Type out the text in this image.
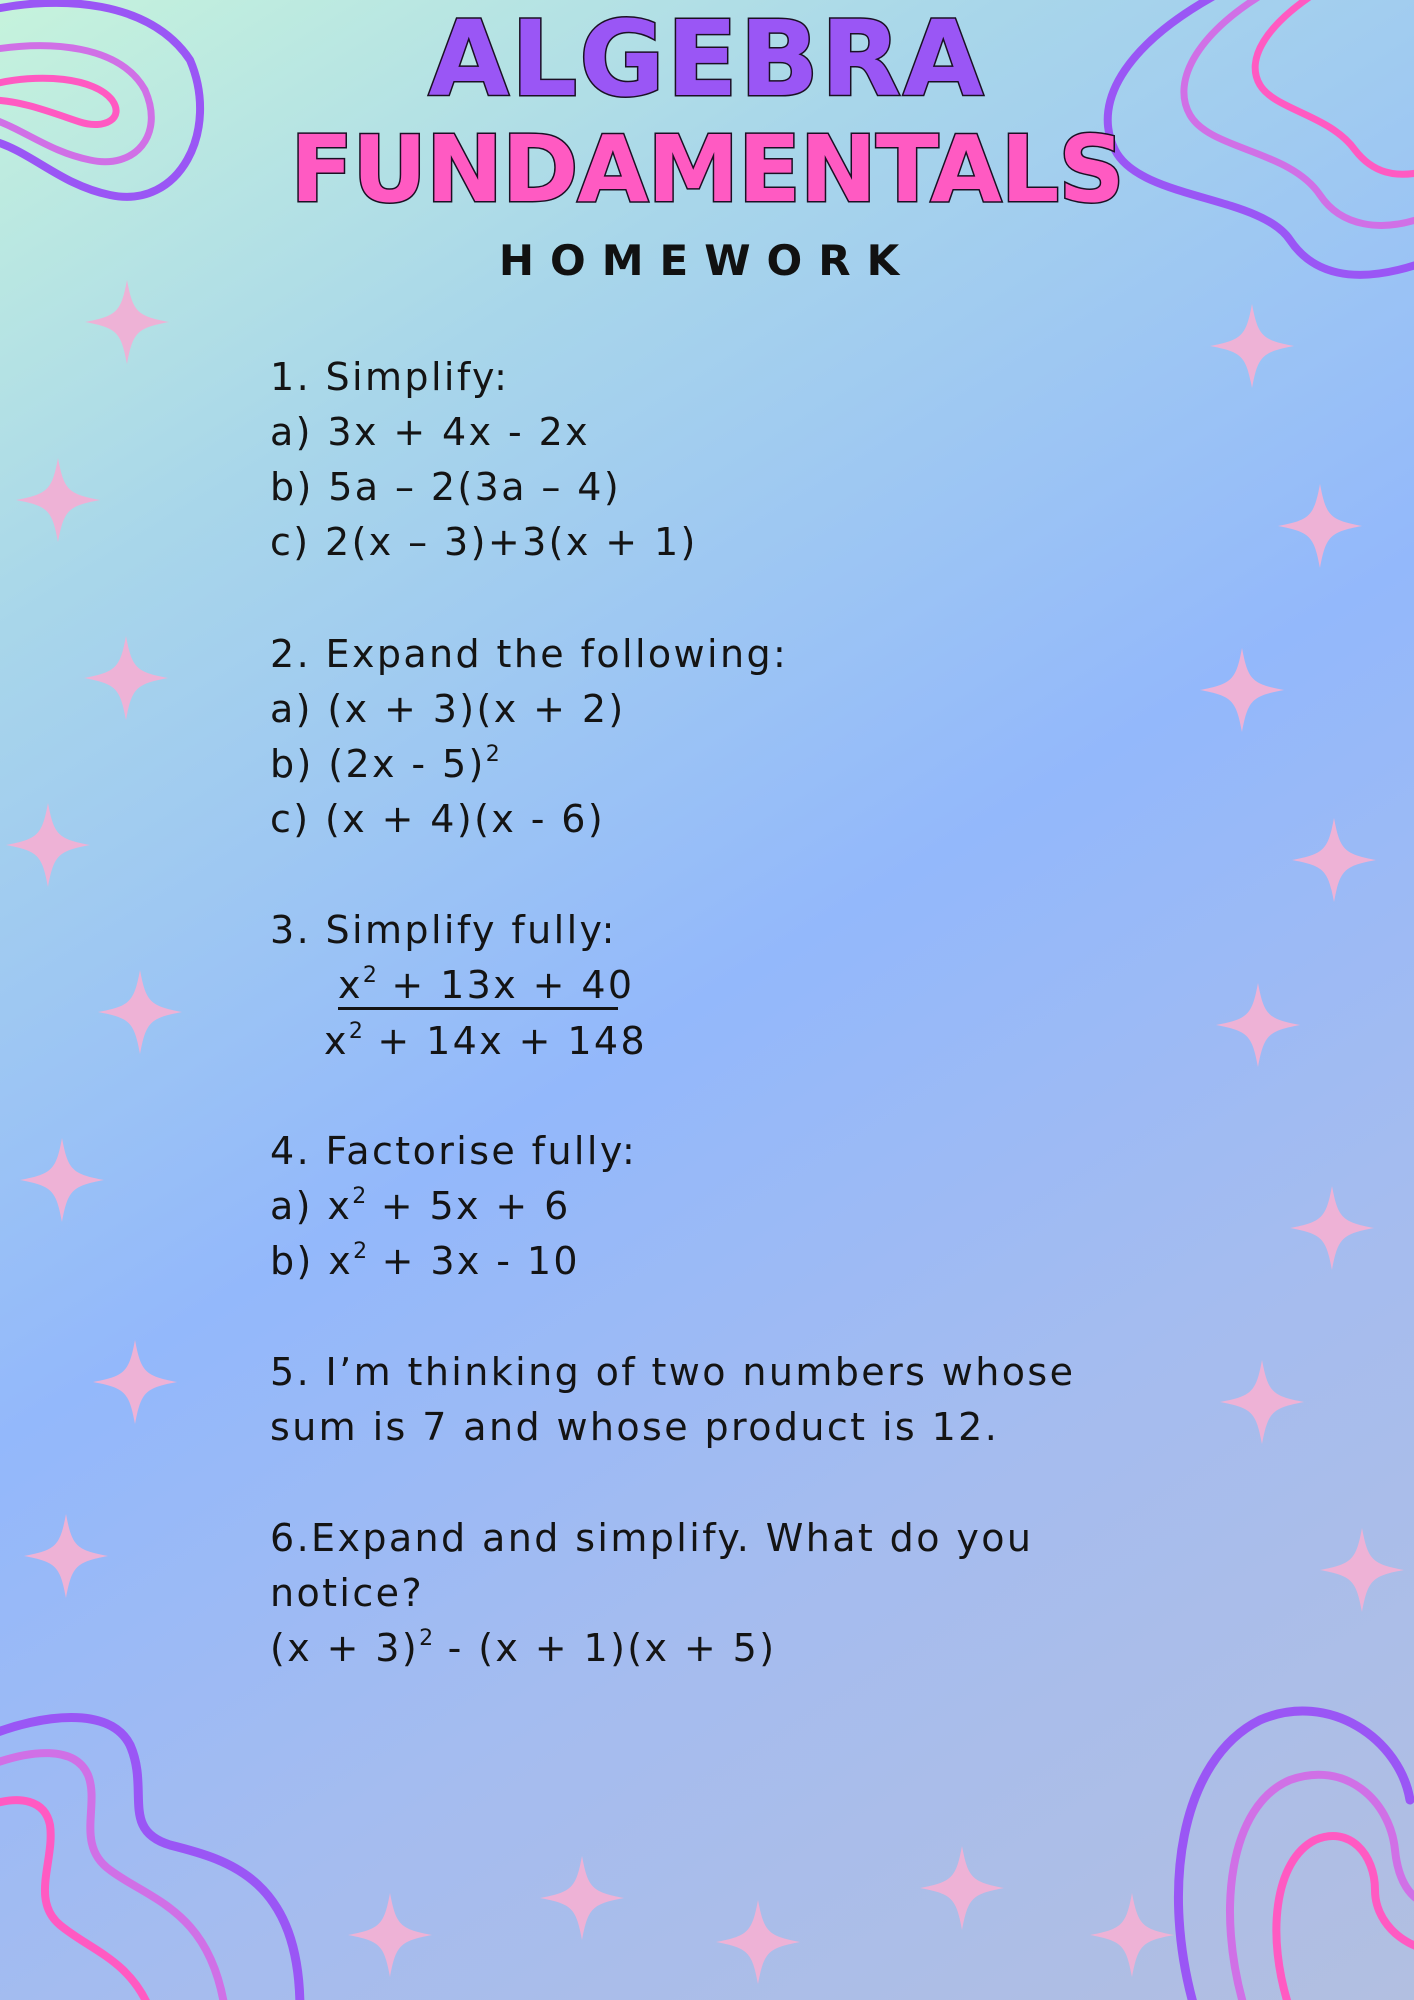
ALGEBRA
FUNDAMENTALS
HOMEWORK
1. Simplify:
a) 3x + 4x - 2x
b) 5a – 2(3a – 4)
c) 2(x – 3)+3(x + 1)
2. Expand the following:
a) (x + 3)(x + 2)
b) (2x - 5)$^2$
c) (x + 4)(x - 6)
3. Simplify fully:
$x^2 + 13x + 40$
$x^2 + 14x + 148$
4. Factorise fully:
a) $x^2 + 5x + 6$
b) $x^2 + 3x - 10$
5. I’m thinking of two numbers whose
sum is 7 and whose product is 12.
6.Expand and simplify. What do you
notice?
$(x + 3)^2 - (x + 1)(x + 5)$
